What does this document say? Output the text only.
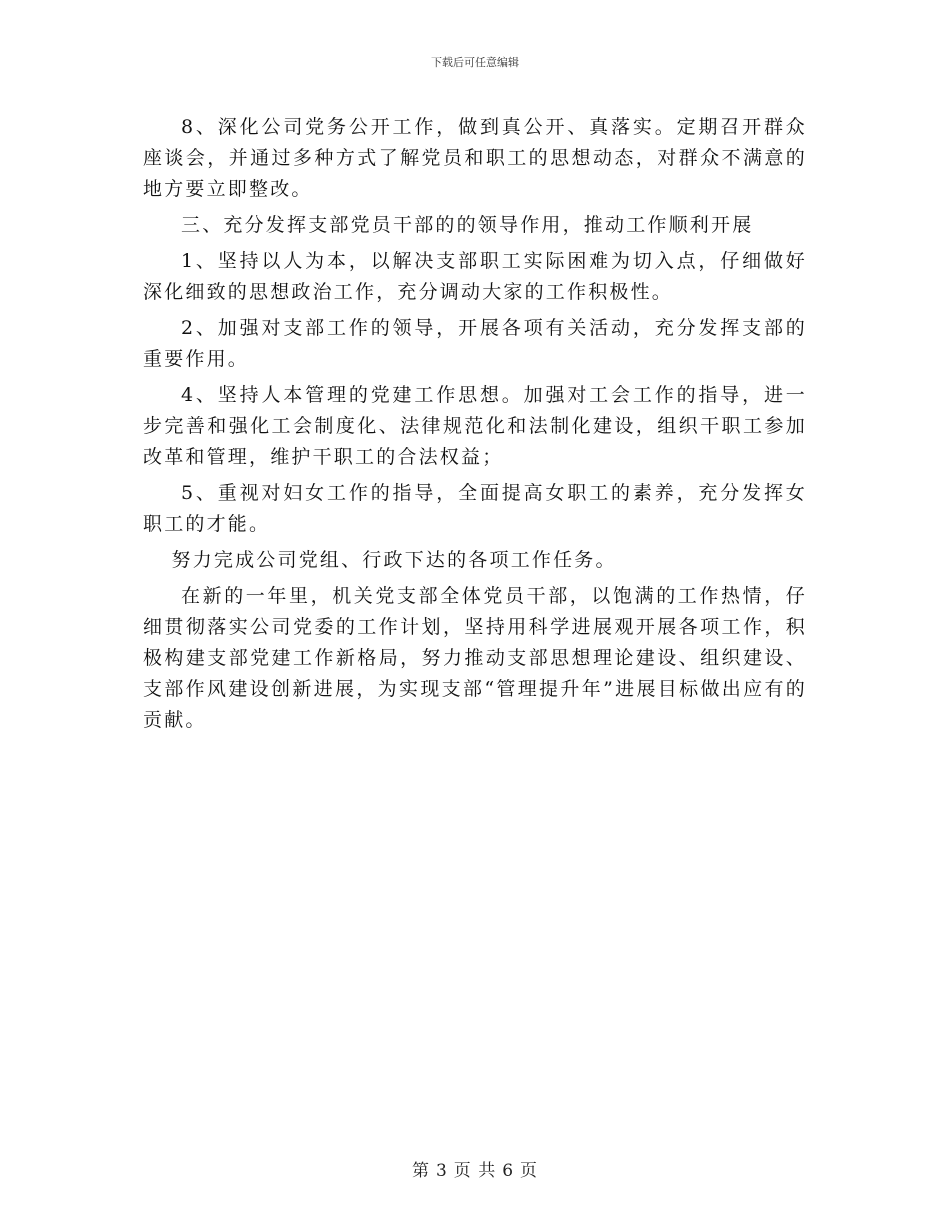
下载后可任意编辑

8、深化公司党务公开工作，做到真公开、真落实。定期召开群众座谈会，并通过多种方式了解党员和职工的思想动态，对群众不满意的地方要立即整改。

三、充分发挥支部党员干部的的领导作用，推动工作顺利开展

1、坚持以人为本，以解决支部职工实际困难为切入点，仔细做好深化细致的思想政治工作，充分调动大家的工作积极性。

2、加强对支部工作的领导，开展各项有关活动，充分发挥支部的重要作用。

4、坚持人本管理的党建工作思想。加强对工会工作的指导，进一步完善和强化工会制度化、法律规范化和法制化建设，组织干职工参加改革和管理，维护干职工的合法权益；

5、重视对妇女工作的指导，全面提高女职工的素养，充分发挥女职工的才能。

努力完成公司党组、行政下达的各项工作任务。

在新的一年里，机关党支部全体党员干部，以饱满的工作热情，仔细贯彻落实公司党委的工作计划，坚持用科学进展观开展各项工作，积极构建支部党建工作新格局，努力推动支部思想理论建设、组织建设、支部作风建设创新进展，为实现支部“管理提升年”进展目标做出应有的贡献。

第 3 页 共 6 页
